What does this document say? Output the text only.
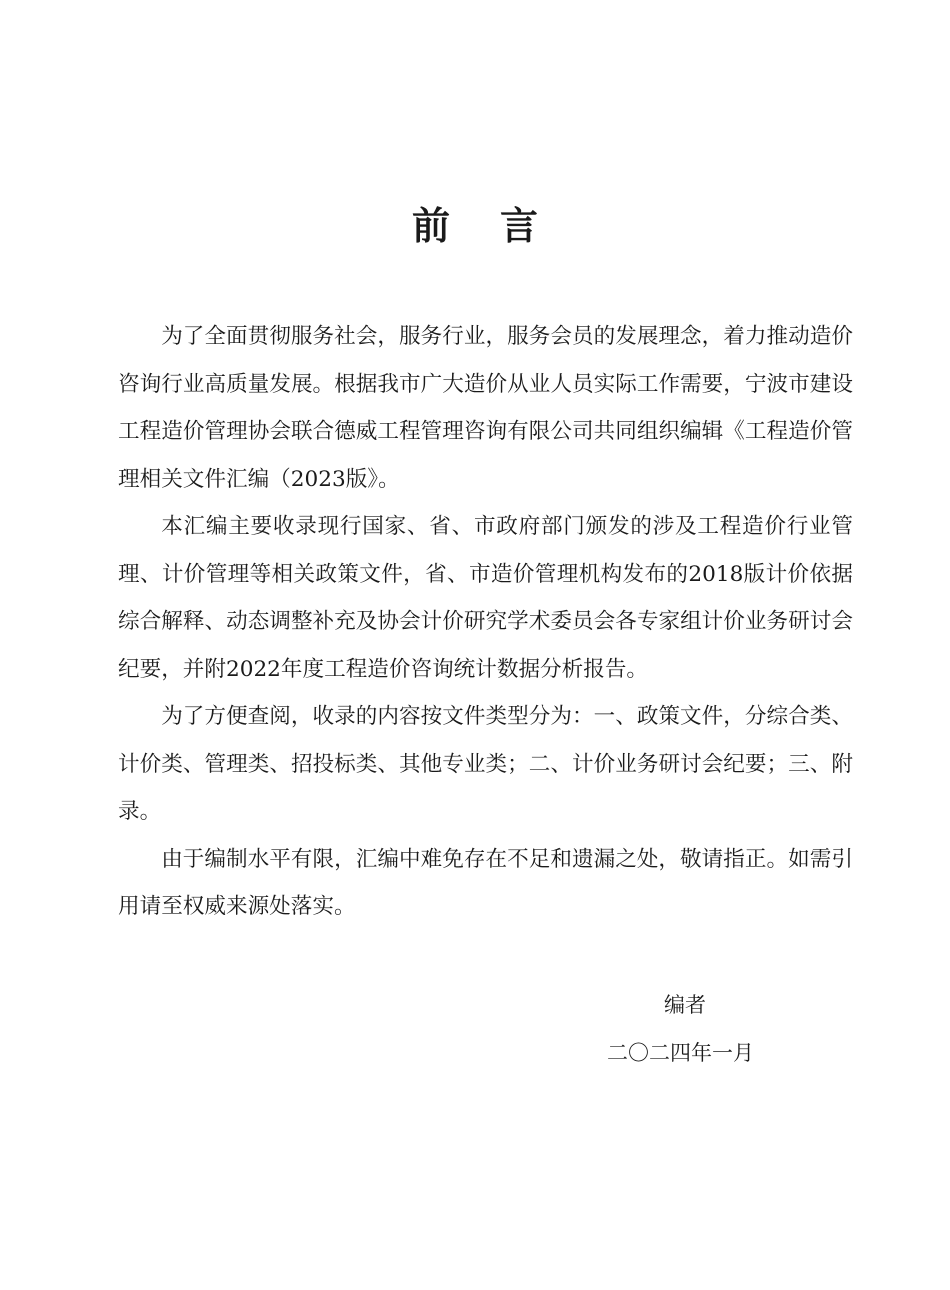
前言

为了全面贯彻服务社会，服务行业，服务会员的发展理念，着力推动造价咨询行业高质量发展。根据我市广大造价从业人员实际工作需要，宁波市建设工程造价管理协会联合德威工程管理咨询有限公司共同组织编辑《工程造价管理相关文件汇编（2023版》。

本汇编主要收录现行国家、省、市政府部门颁发的涉及工程造价行业管理、计价管理等相关政策文件，省、市造价管理机构发布的2018版计价依据综合解释、动态调整补充及协会计价研究学术委员会各专家组计价业务研讨会纪要，并附2022年度工程造价咨询统计数据分析报告。

为了方便查阅，收录的内容按文件类型分为：一、政策文件，分综合类、计价类、管理类、招投标类、其他专业类；二、计价业务研讨会纪要；三、附录。

由于编制水平有限，汇编中难免存在不足和遗漏之处，敬请指正。如需引用请至权威来源处落实。

编者
二〇二四年一月
